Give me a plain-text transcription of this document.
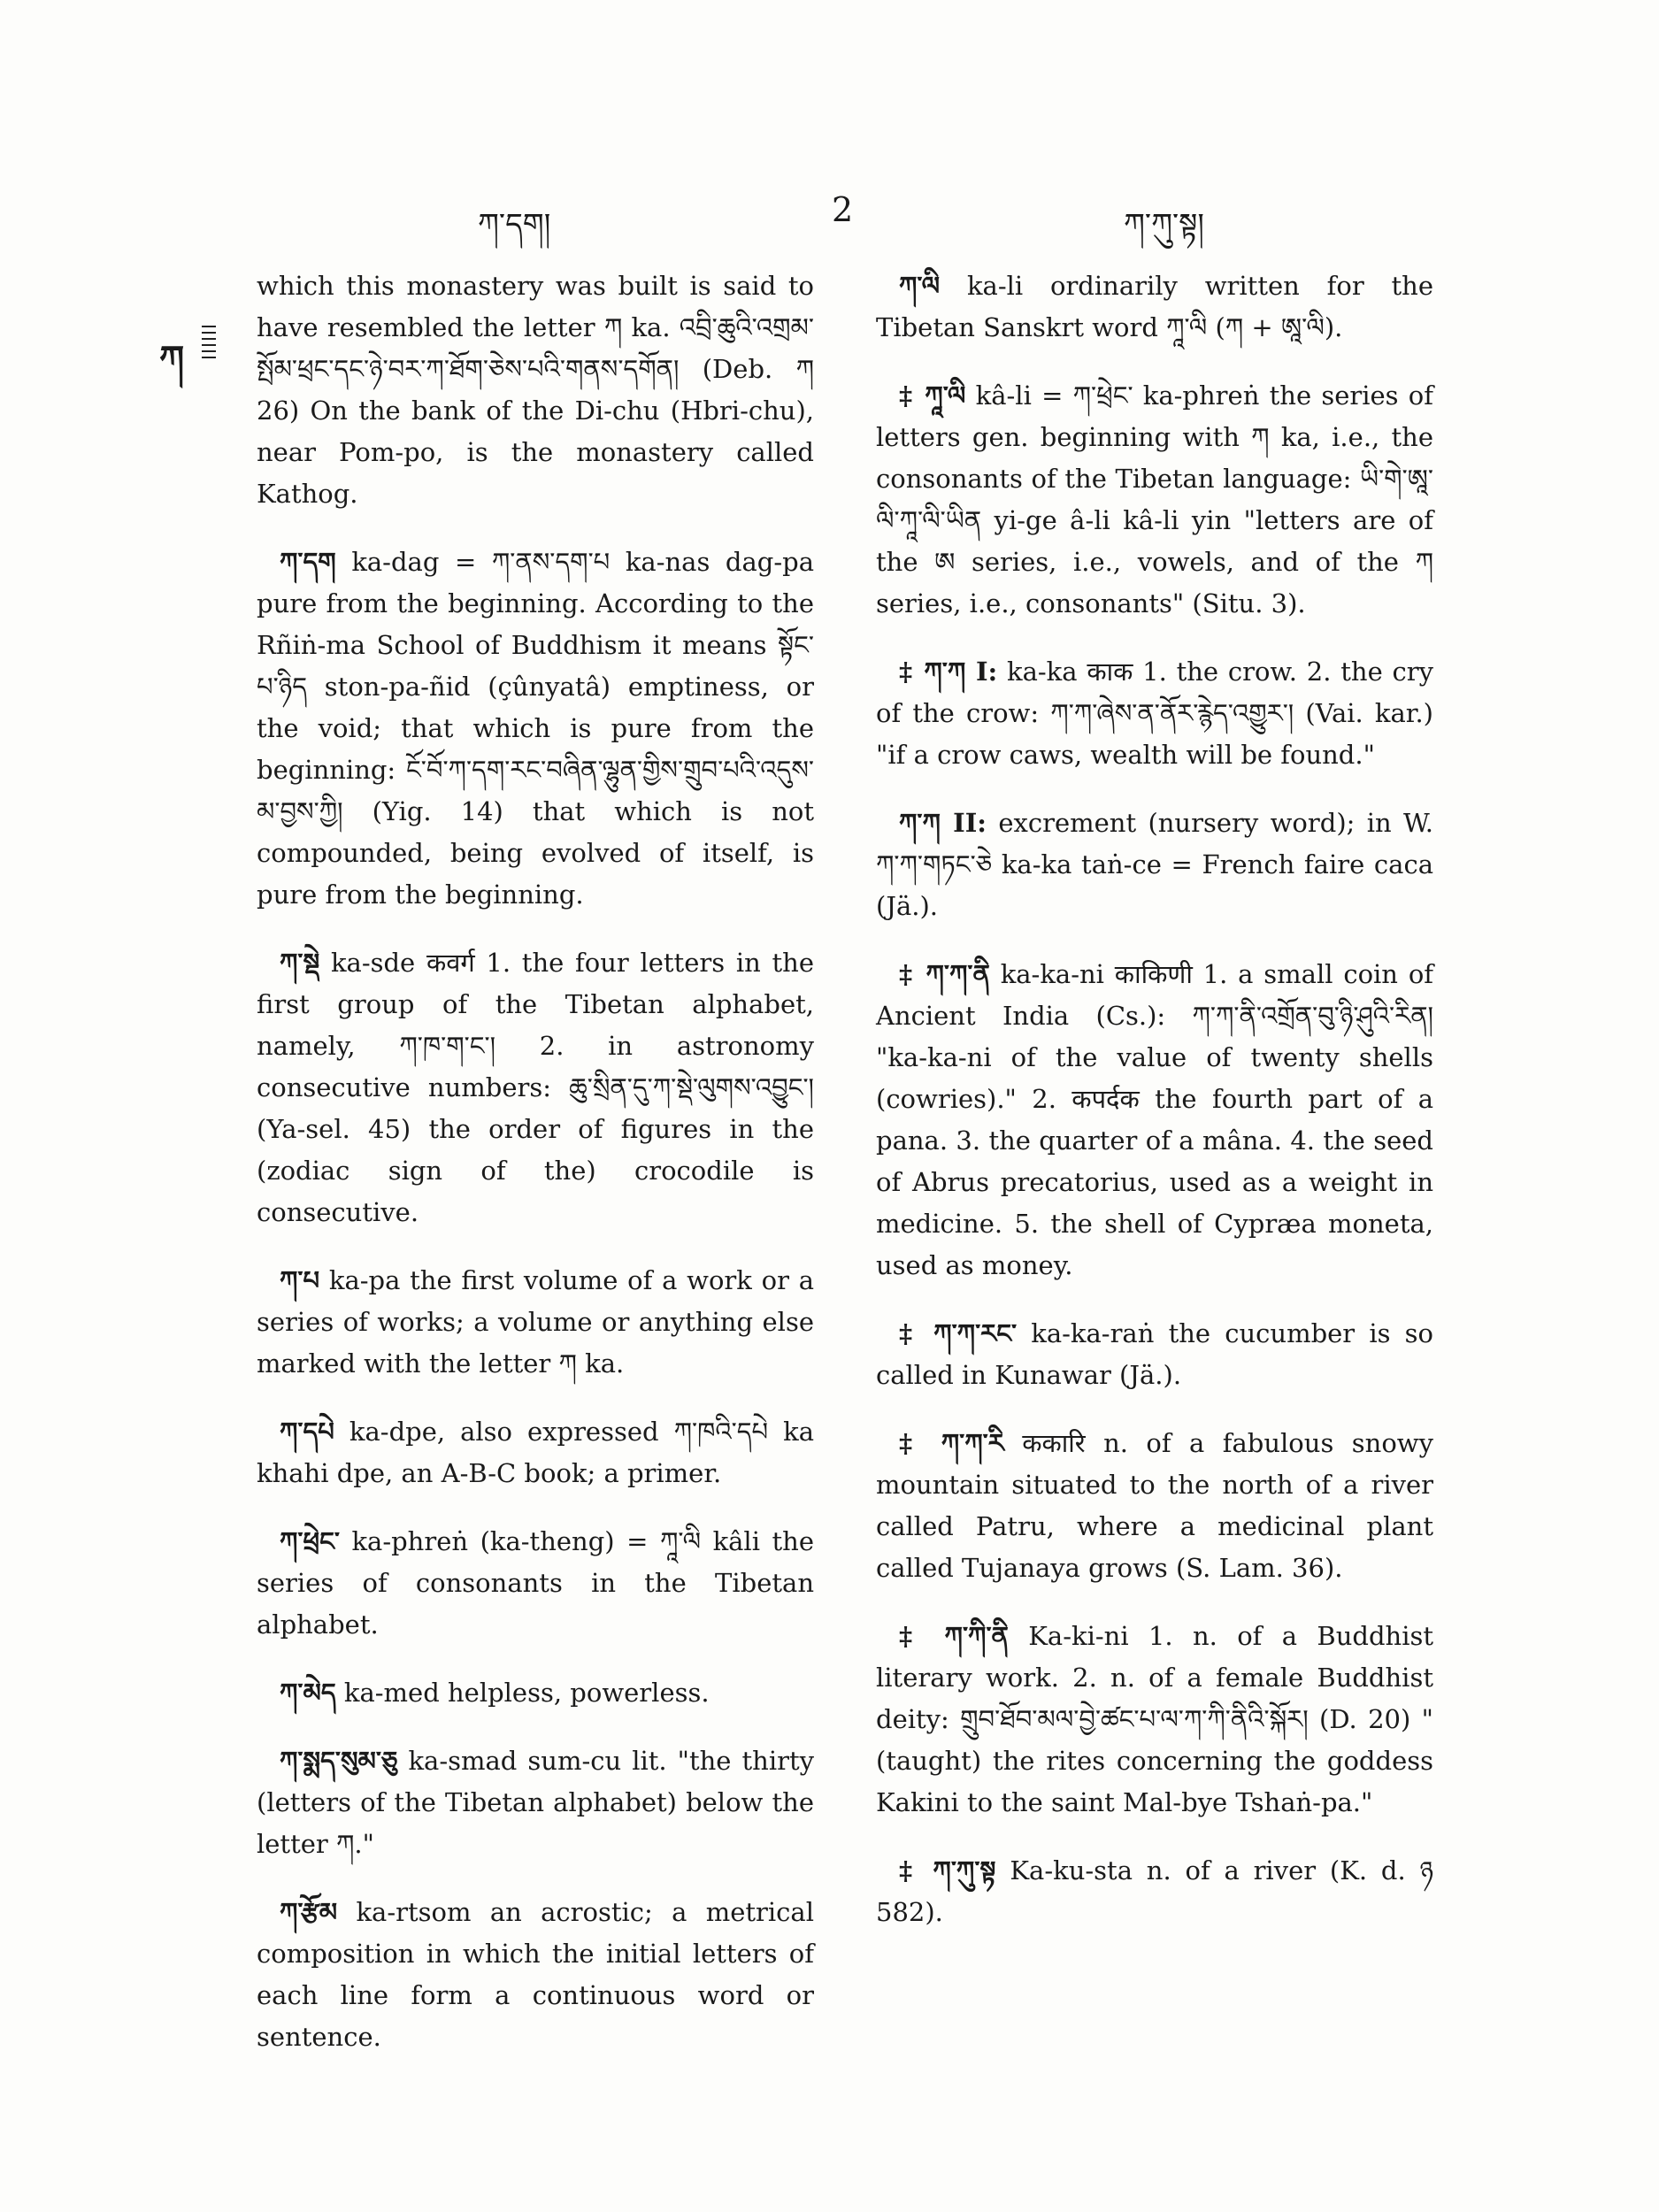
ཀ་དག།	2	ཀ་ཀུ་སྟ།
ཀ

which this monastery was built is said to have resembled the letter ཀ ka. འབྲི་ཆུའི་འགྲམ་སྤོམ་ཕྲང་དང་ཉེ་བར་ཀ་ཐོག་ཅེས་པའི་གནས་དགོན། (Deb. ཀ 26) On the bank of the Di-chu (Hbri-chu), near Pom-po, is the monastery called Kathog.

ཀ་དག ka-dag = ཀ་ནས་དག་པ ka-nas dag-pa pure from the beginning. According to the Rñiṅ-ma School of Buddhism it means སྟོང་པ་ཉིད ston-pa-ñid (çûnyatâ) emptiness, or the void; that which is pure from the beginning: ངོ་བོ་ཀ་དག་རང་བཞིན་ལྷུན་གྱིས་གྲུབ་པའི་འདུས་མ་བྱས་ཀྱི། (Yig. 14) that which is not compounded, being evolved of itself, is pure from the beginning.

ཀ་སྡེ ka-sde कवर्ग 1. the four letters in the first group of the Tibetan alphabet, namely, ཀ་ཁ་ག་ང་། 2. in astronomy consecutive numbers: ཆུ་སྲིན་དུ་ཀ་སྡེ་ལུགས་འབྱུང་། (Ya-sel. 45) the order of figures in the (zodiac sign of the) crocodile is consecutive.

ཀ་པ ka-pa the first volume of a work or a series of works; a volume or anything else marked with the letter ཀ ka.

ཀ་དཔེ ka-dpe, also expressed ཀ་ཁའི་དཔེ ka khahi dpe, an A-B-C book; a primer.

ཀ་ཕྲེང་ ka-phreṅ (ka-theng) = ཀཱ་ལི kâli the series of consonants in the Tibetan alphabet.

ཀ་མེད ka-med helpless, powerless.

ཀ་སྨད་སུམ་ཅུ ka-smad sum-cu lit. "the thirty (letters of the Tibetan alphabet) below the letter ཀ."

ཀ་རྩོམ ka-rtsom an acrostic; a metrical composition in which the initial letters of each line form a continuous word or sentence.

ཀ་ལི ka-li ordinarily written for the Tibetan Sanskrt word ཀཱ་ལི (ཀ + ཨཱ་ལི).

‡ ཀཱ་ལི kâ-li = ཀ་ཕྲེང་ ka-phreṅ the series of letters gen. beginning with ཀ ka, i.e., the consonants of the Tibetan language: ཡི་གེ་ཨཱ་ལི་ཀཱ་ལི་ཡིན yi-ge â-li kâ-li yin "letters are of the ཨ series, i.e., vowels, and of the ཀ series, i.e., consonants" (Situ. 3).

‡ ཀ་ཀ I: ka-ka काक 1. the crow. 2. the cry of the crow: ཀ་ཀ་ཞེས་ན་ནོར་རྙེད་འགྱུར་། (Vai. kar.) "if a crow caws, wealth will be found."

ཀ་ཀ II: excrement (nursery word); in W. ཀ་ཀ་གཏང་ཅེ ka-ka taṅ-ce = French faire caca (Jä.).

‡ ཀ་ཀ་ནི ka-ka-ni काकिणी 1. a small coin of Ancient India (Cs.): ཀ་ཀ་ནི་འགྲོན་བུ་ཉི་ཤུའི་རིན། "ka-ka-ni of the value of twenty shells (cowries)." 2. कपर्दक the fourth part of a pana. 3. the quarter of a mâna. 4. the seed of Abrus precatorius, used as a weight in medicine. 5. the shell of Cypræa moneta, used as money.

‡ ཀ་ཀ་རང་ ka-ka-raṅ the cucumber is so called in Kunawar (Jä.).

‡ ཀ་ཀ་རི ककारि n. of a fabulous snowy mountain situated to the north of a river called Patru, where a medicinal plant called Tujanaya grows (S. Lam. 36).

‡ ཀ་ཀི་ནི Ka-ki-ni 1. n. of a Buddhist literary work. 2. n. of a female Buddhist deity: གྲུབ་ཐོབ་མལ་བྱེ་ཚང་པ་ལ་ཀ་ཀི་ནིའི་སྐོར། (D. 20) "(taught) the rites concerning the goddess Kakini to the saint Mal-bye Tshaṅ-pa."

‡ ཀ་ཀུ་སྟ Ka-ku-sta n. of a river (K. d. ཉ 582).
